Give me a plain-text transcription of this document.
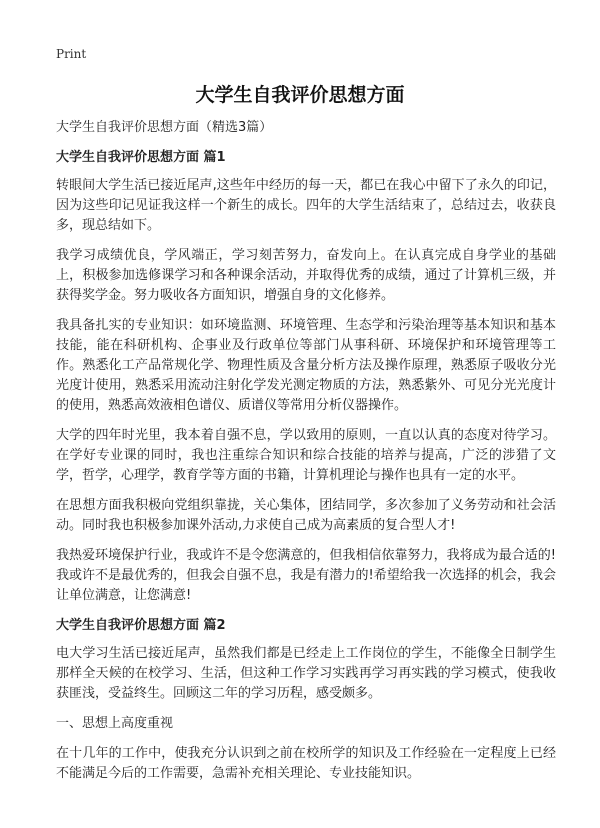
Print
大学生自我评价思想方面

大学生自我评价思想方面（精选3篇）

大学生自我评价思想方面 篇1

转眼间大学生活已接近尾声,这些年中经历的每一天，都已在我心中留下了永久的印记，因为这些印记见证我这样一个新生的成长。四年的大学生活结束了，总结过去，收获良多，现总结如下。

我学习成绩优良，学风端正，学习刻苦努力，奋发向上。在认真完成自身学业的基础上，积极参加选修课学习和各种课余活动，并取得优秀的成绩，通过了计算机三级，并获得奖学金。努力吸收各方面知识，增强自身的文化修养。

我具备扎实的专业知识：如环境监测、环境管理、生态学和污染治理等基本知识和基本技能，能在科研机构、企事业及行政单位等部门从事科研、环境保护和环境管理等工作。熟悉化工产品常规化学、物理性质及含量分析方法及操作原理，熟悉原子吸收分光光度计使用，熟悉采用流动注射化学发光测定物质的方法，熟悉紫外、可见分光光度计的使用，熟悉高效液相色谱仪、质谱仪等常用分析仪器操作。

大学的四年时光里，我本着自强不息，学以致用的原则，一直以认真的态度对待学习。在学好专业课的同时，我也注重综合知识和综合技能的培养与提高，广泛的涉猎了文学，哲学，心理学，教育学等方面的书籍，计算机理论与操作也具有一定的水平。

在思想方面我积极向党组织靠拢，关心集体，团结同学，多次参加了义务劳动和社会活动。同时我也积极参加课外活动,力求使自己成为高素质的复合型人才!

我热爱环境保护行业，我或许不是令您满意的，但我相信依靠努力，我将成为最合适的!我或许不是最优秀的，但我会自强不息，我是有潜力的!希望给我一次选择的机会，我会让单位满意，让您满意!

大学生自我评价思想方面 篇2

电大学习生活已接近尾声，虽然我们都是已经走上工作岗位的学生，不能像全日制学生那样全天候的在校学习、生活，但这种工作学习实践再学习再实践的学习模式，使我收获匪浅，受益终生。回顾这二年的学习历程，感受颇多。

一、思想上高度重视

在十几年的工作中，使我充分认识到之前在校所学的知识及工作经验在一定程度上已经不能满足今后的工作需要，急需补充相关理论、专业技能知识。
